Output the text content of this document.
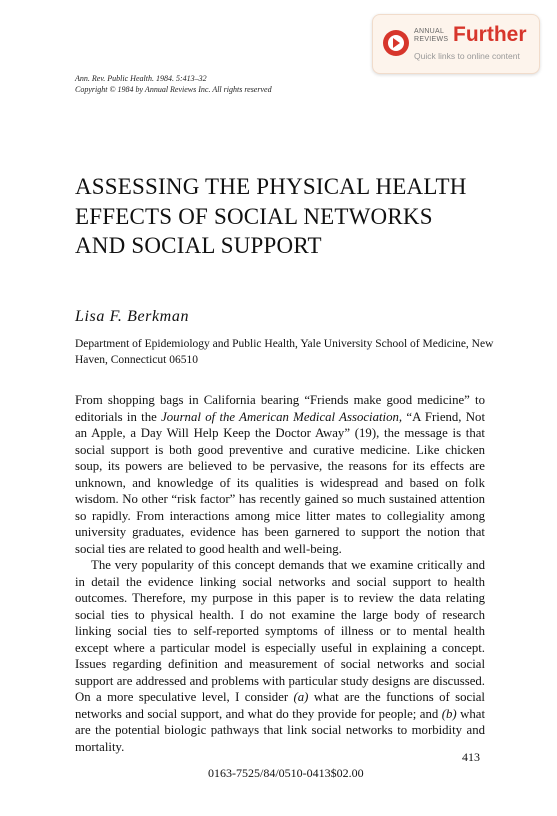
ANNUAL
REVIEWS Further
Quick links to online content
Ann. Rev. Public Health. 1984. 5:413–32
Copyright © 1984 by Annual Reviews Inc. All rights reserved
ASSESSING THE PHYSICAL HEALTH EFFECTS OF SOCIAL NETWORKS AND SOCIAL SUPPORT
Lisa F. Berkman
Department of Epidemiology and Public Health, Yale University School of Medicine, New Haven, Connecticut 06510

From shopping bags in California bearing “Friends make good medicine” to editorials in the Journal of the American Medical Association, “A Friend, Not an Apple, a Day Will Help Keep the Doctor Away” (19), the message is that social support is both good preventive and curative medicine. Like chicken soup, its powers are believed to be pervasive, the reasons for its effects are unknown, and knowledge of its qualities is widespread and based on folk wisdom. No other “risk factor” has recently gained so much sustained attention so rapidly. From interactions among mice litter mates to collegiality among university graduates, evidence has been garnered to support the notion that social ties are related to good health and well-being.

The very popularity of this concept demands that we examine critically and in detail the evidence linking social networks and social support to health outcomes. Therefore, my purpose in this paper is to review the data relating social ties to physical health. I do not examine the large body of research linking social ties to self-reported symptoms of illness or to mental health except where a particular model is especially useful in explaining a concept. Issues regarding definition and measurement of social networks and social support are addressed and problems with particular study designs are discussed. On a more speculative level, I consider (a) what are the functions of social networks and social support, and what do they provide for people; and (b) what are the potential biologic pathways that link social networks to morbidity and mortality.

413
0163-7525/84/0510-0413$02.00
